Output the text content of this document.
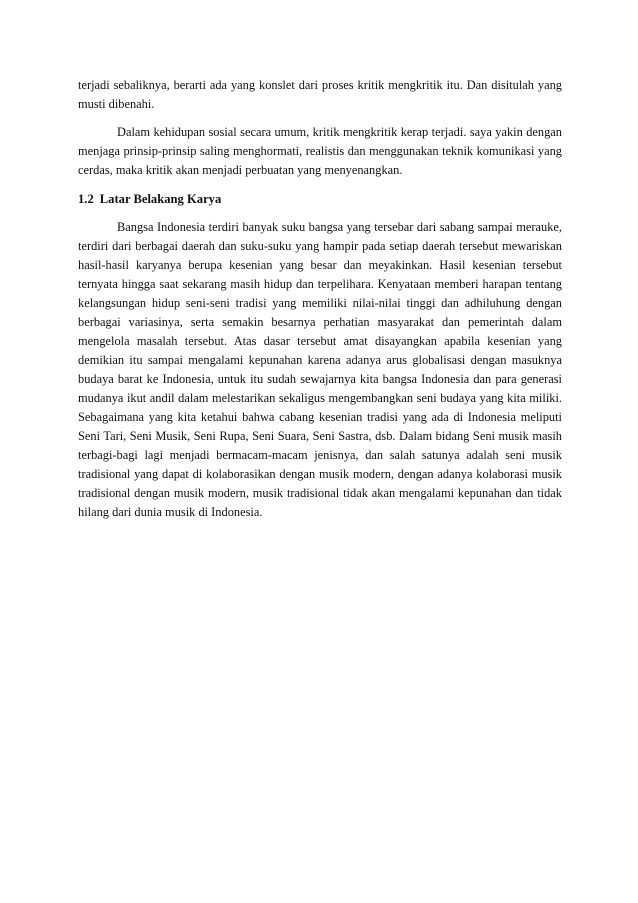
terjadi sebaliknya, berarti ada yang konslet dari proses kritik mengkritik itu. Dan disitulah yang musti dibenahi.

Dalam kehidupan sosial secara umum, kritik mengkritik kerap terjadi. saya yakin dengan menjaga prinsip-prinsip saling menghormati, realistis dan menggunakan teknik komunikasi yang cerdas, maka kritik akan menjadi perbuatan yang menyenangkan.

1.2 Latar Belakang Karya

Bangsa Indonesia terdiri banyak suku bangsa yang tersebar dari sabang sampai merauke, terdiri dari berbagai daerah dan suku-suku yang hampir pada setiap daerah tersebut mewariskan hasil-hasil karyanya berupa kesenian yang besar dan meyakinkan. Hasil kesenian tersebut ternyata hingga saat sekarang masih hidup dan terpelihara. Kenyataan memberi harapan tentang kelangsungan hidup seni-seni tradisi yang memiliki nilai-nilai tinggi dan adhiluhung dengan berbagai variasinya, serta semakin besarnya perhatian masyarakat dan pemerintah dalam mengelola masalah tersebut. Atas dasar tersebut amat disayangkan apabila kesenian yang demikian itu sampai mengalami kepunahan karena adanya arus globalisasi dengan masuknya budaya barat ke Indonesia, untuk itu sudah sewajarnya kita bangsa Indonesia dan para generasi mudanya ikut andil dalam melestarikan sekaligus mengembangkan seni budaya yang kita miliki. Sebagaimana yang kita ketahui bahwa cabang kesenian tradisi yang ada di Indonesia meliputi Seni Tari, Seni Musik, Seni Rupa, Seni Suara, Seni Sastra, dsb. Dalam bidang Seni musik masih terbagi-bagi lagi menjadi bermacam-macam jenisnya, dan salah satunya adalah seni musik tradisional yang dapat di kolaborasikan dengan musik modern, dengan adanya kolaborasi musik tradisional dengan musik modern, musik tradisional tidak akan mengalami kepunahan dan tidak hilang dari dunia musik di Indonesia.
